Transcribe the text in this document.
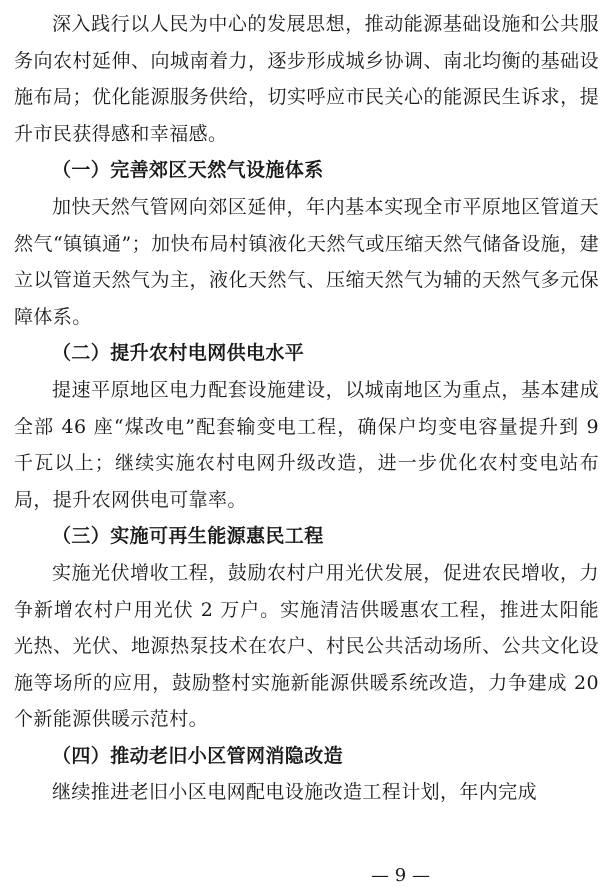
深入践行以人民为中心的发展思想，推动能源基础设施和公共服务向农村延伸、向城南着力，逐步形成城乡协调、南北均衡的基础设施布局；优化能源服务供给，切实呼应市民关心的能源民生诉求，提升市民获得感和幸福感。

（一）完善郊区天然气设施体系

加快天然气管网向郊区延伸，年内基本实现全市平原地区管道天然气“镇镇通”；加快布局村镇液化天然气或压缩天然气储备设施，建立以管道天然气为主，液化天然气、压缩天然气为辅的天然气多元保障体系。

（二）提升农村电网供电水平

提速平原地区电力配套设施建设，以城南地区为重点，基本建成全部 46 座“煤改电”配套输变电工程，确保户均变电容量提升到 9 千瓦以上；继续实施农村电网升级改造，进一步优化农村变电站布局，提升农网供电可靠率。

（三）实施可再生能源惠民工程

实施光伏增收工程，鼓励农村户用光伏发展，促进农民增收，力争新增农村户用光伏 2 万户。实施清洁供暖惠农工程，推进太阳能光热、光伏、地源热泵技术在农户、村民公共活动场所、公共文化设施等场所的应用，鼓励整村实施新能源供暖系统改造，力争建成 20 个新能源供暖示范村。

（四）推动老旧小区管网消隐改造

继续推进老旧小区电网配电设施改造工程计划，年内完成

— 9 —
